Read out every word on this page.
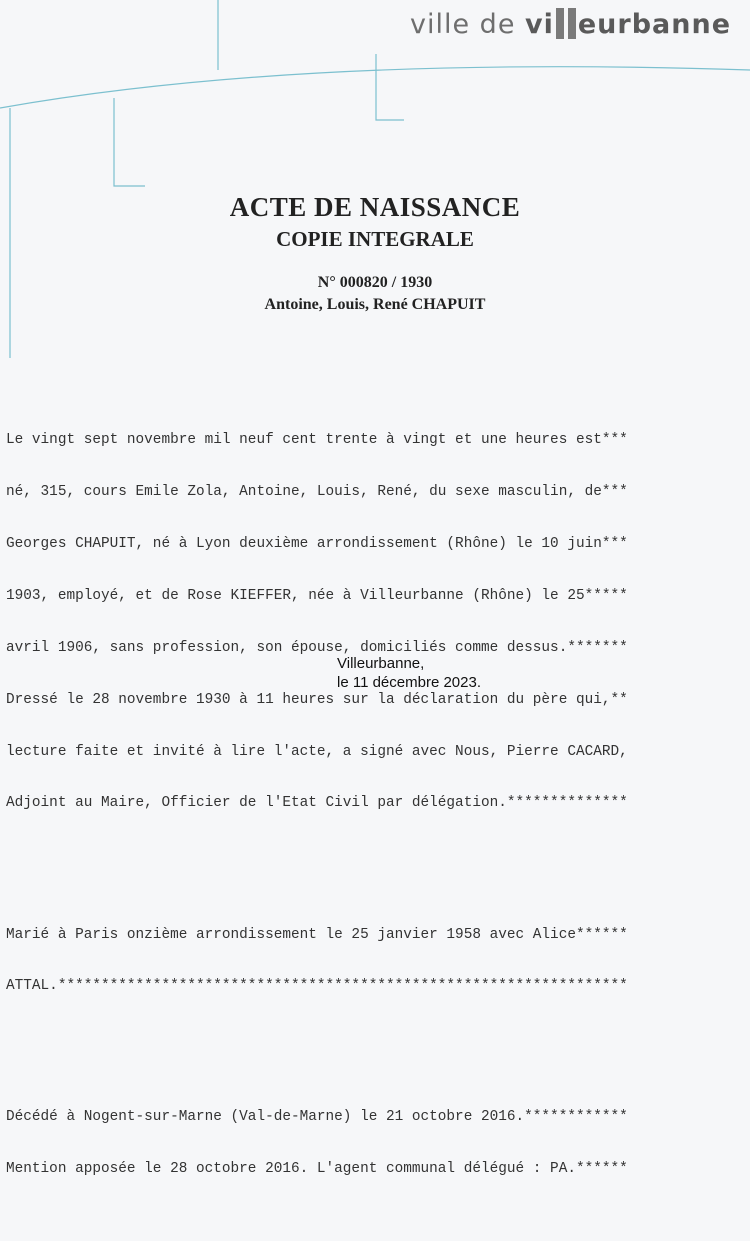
ville de vi eurbanne
ACTE DE NAISSANCE
COPIE INTEGRALE
N° 000820 / 1930
Antoine, Louis, René CHAPUIT

Le vingt sept novembre mil neuf cent trente à vingt et une heures est***

né, 315, cours Emile Zola, Antoine, Louis, René, du sexe masculin, de***

Georges CHAPUIT, né à Lyon deuxième arrondissement (Rhône) le 10 juin***

1903, employé, et de Rose KIEFFER, née à Villeurbanne (Rhône) le 25*****

avril 1906, sans profession, son épouse, domiciliés comme dessus.*******

Dressé le 28 novembre 1930 à 11 heures sur la déclaration du père qui,**

lecture faite et invité à lire l'acte, a signé avec Nous, Pierre CACARD,

Adjoint au Maire, Officier de l'Etat Civil par délégation.**************

Marié à Paris onzième arrondissement le 25 janvier 1958 avec Alice******

ATTAL.******************************************************************

Décédé à Nogent-sur-Marne (Val-de-Marne) le 21 octobre 2016.************

Mention apposée le 28 octobre 2016. L'agent communal délégué : PA.******

Villeurbanne,
le 11 décembre 2023.
